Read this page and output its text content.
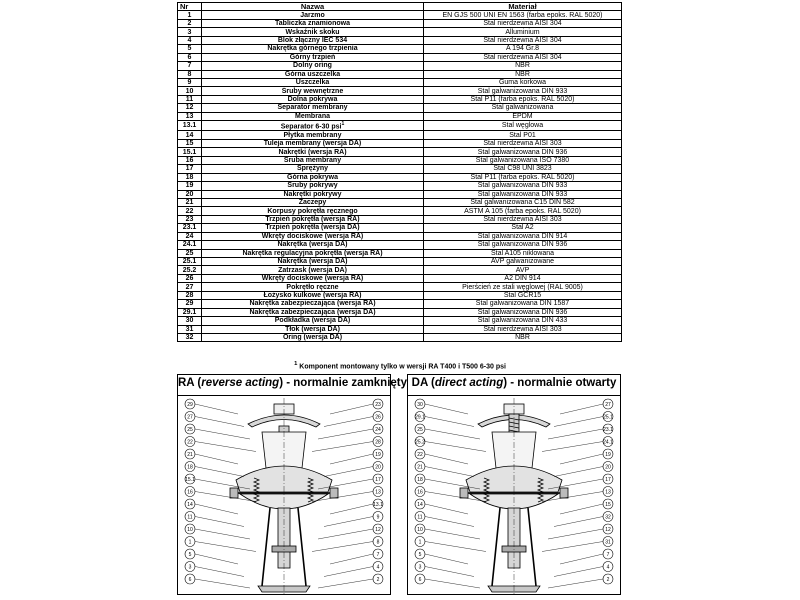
Nr	Nazwa	Materiał
1	Jarzmo	EN GJS 500 UNI EN 1563 (farba epoks. RAL 5020)
2	Tabliczka znamionowa	Stal nierdzewna AISI 304
3	Wskaźnik skoku	Alluminium
4	Blok złączny IEC 534	Stal nierdzewna AISI 304
5	Nakrętka górnego trzpienia	A 194 Gr.8
6	Górny trzpień	Stal nierdzewna AISI 304
7	Dolny oring	NBR
8	Górna uszczelka	NBR
9	Uszczelka	Guma korkowa
10	Śruby wewnętrzne	Stal galwanizowana DIN 933
11	Dolna pokrywa	Stal P11 (farba epoks. RAL 5020)
12	Separator membrany	Stal galwanizowana
13	Membrana	EPDM
13.1	Separator 6-30 psi$^1$	Stal węglowa
14	Płytka membrany	Stal P01
15	Tuleja membrany (wersja DA)	Stal nierdzewna AISI 303
15.1	Nakrętki (wersja RA)	Stal galwanizowana DIN 936
16	Śruba membrany	Stal galwanizowana ISO 7380
17	Sprężyny	Stal C98 UNI 3823
18	Górna pokrywa	Stal P11 (farba epoks. RAL 5020)
19	Śruby pokrywy	Stal galwanizowana DIN 933
20	Nakrętki pokrywy	Stal galwanizowana DIN 933
21	Zaczepy	Stal galwanizowana C15 DIN 582
22	Korpusy pokrętła ręcznego	ASTM A 105 (farba epoks. RAL 5020)
23	Trzpień pokrętła (wersja RA)	Stal nierdzewna AISI 303
23.1	Trzpień pokrętła (wersja DA)	Stal A2
24	Wkręty dociskowe (wersja RA)	Stal galwanizowana DIN 914
24.1	Nakrętka (wersja DA)	Stal galwanizowana DIN 936
25	Nakrętka regulacyjna pokrętła (wersja RA)	Stal A105 niklowana
25.1	Nakrętka (wersja DA)	AVP galwanizowane
25.2	Zatrzask (wersja DA)	AVP
26	Wkręty dociskowe (wersja RA)	A2 DIN 914
27	Pokrętło ręczne	Pierścień ze stali węglowej (RAL 9005)
28	Łożysko kulkowe (wersja RA)	Stal GCR15
29	Nakrętka zabezpieczająca (wersja RA)	Stal galwanizowana DIN 1587
29.1	Nakrętka zabezpieczająca (wersja DA)	Stal galwanizowana DIN 936
30	Podkładka (wersja DA)	Stal galwanizowana DIN 433
31	Tłok (wersja DA)	Stal nierdzewna AISI 303
32	Oring (wersja DA)	NBR
$^1$ Komponent montowany tylko w wersji RA T400 i T500 6-30 psi
RA (reverse acting) - normalnie zamknięty
29
27
25
22
21
18
15.1
16
14
11
10
1
5
3
6
23
26
24
28
19
20
17
13
13.1
9
12
8
7
4
2
DA (direct acting) - normalnie otwarty
30
29.1
25
25.2
22
21
18
16
14
11
10
1
5
3
6
27
25.1
23.1
24.1
19
20
17
13
15
32
12
31
7
4
2
